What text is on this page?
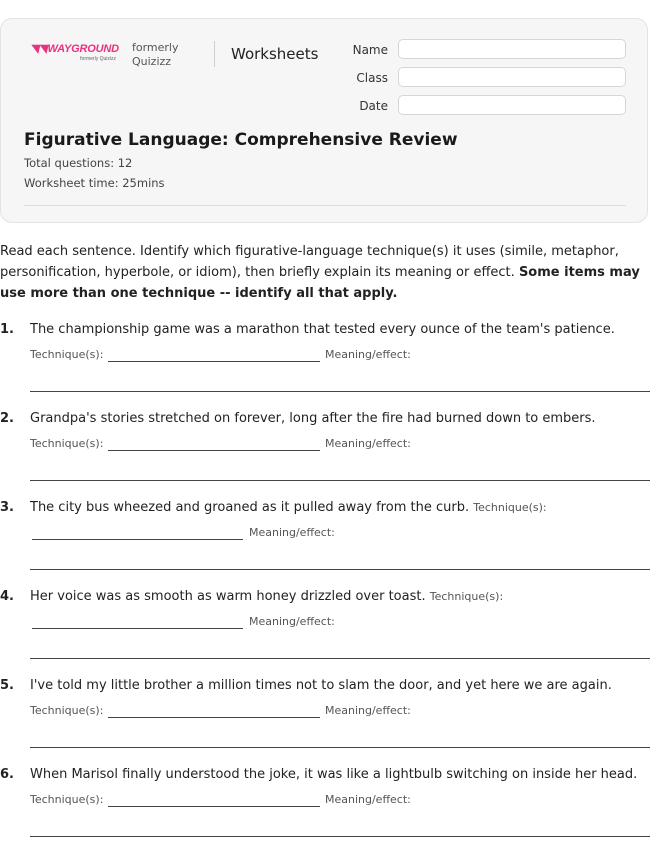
◥◥WAYGROUND
formerly Quizizz
formerly Quizizz	Worksheets	Name
Class
Date
Figurative Language: Comprehensive Review
Total questions: 12
Worksheet time: 25mins
Read each sentence. Identify which figurative-language technique(s) it uses (simile, metaphor, personification, hyperbole, or idiom), then briefly explain its meaning or effect. Some items may use more than one technique -- identify all that apply.
1. The championship game was a marathon that tested every ounce of the team's patience.
Technique(s):	Meaning/effect:
2. Grandpa's stories stretched on forever, long after the fire had burned down to embers.
Technique(s):	Meaning/effect:
3. The city bus wheezed and groaned as it pulled away from the curb. Technique(s):
Meaning/effect:
4. Her voice was as smooth as warm honey drizzled over toast. Technique(s):
Meaning/effect:
5. I've told my little brother a million times not to slam the door, and yet here we are again.
Technique(s):	Meaning/effect:
6. When Marisol finally understood the joke, it was like a lightbulb switching on inside her head.
Technique(s):	Meaning/effect:
